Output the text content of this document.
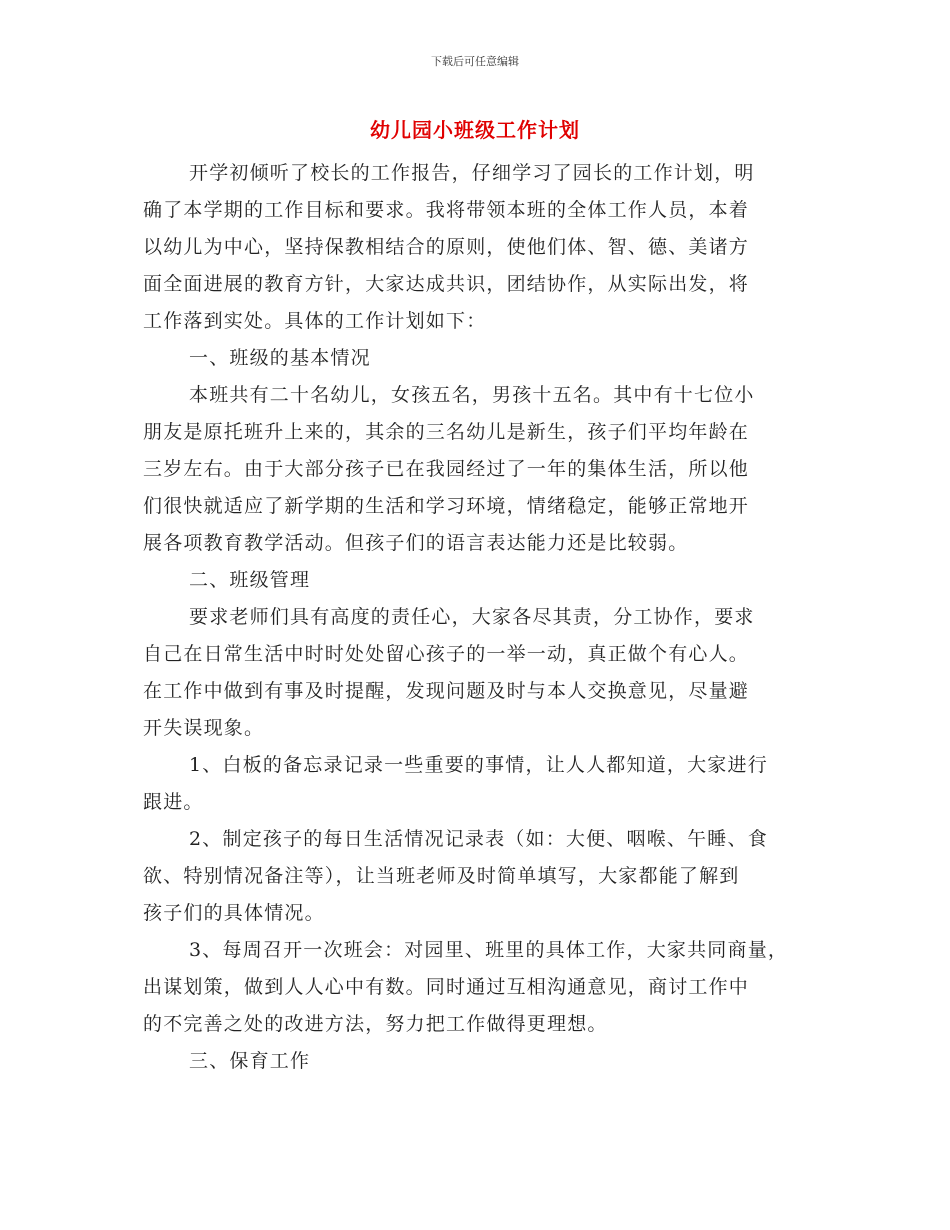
下载后可任意编辑
幼儿园小班级工作计划
开学初倾听了校长的工作报告，仔细学习了园长的工作计划，明
确了本学期的工作目标和要求。我将带领本班的全体工作人员，本着
以幼儿为中心，坚持保教相结合的原则，使他们体、智、德、美诸方
面全面进展的教育方针，大家达成共识，团结协作，从实际出发，将
工作落到实处。具体的工作计划如下：
一、班级的基本情况
本班共有二十名幼儿，女孩五名，男孩十五名。其中有十七位小
朋友是原托班升上来的，其余的三名幼儿是新生，孩子们平均年龄在
三岁左右。由于大部分孩子已在我园经过了一年的集体生活，所以他
们很快就适应了新学期的生活和学习环境，情绪稳定，能够正常地开
展各项教育教学活动。但孩子们的语言表达能力还是比较弱。
二、班级管理
要求老师们具有高度的责任心，大家各尽其责，分工协作，要求
自己在日常生活中时时处处留心孩子的一举一动，真正做个有心人。
在工作中做到有事及时提醒，发现问题及时与本人交换意见，尽量避
开失误现象。
1、白板的备忘录记录一些重要的事情，让人人都知道，大家进行
跟进。
2、制定孩子的每日生活情况记录表（如：大便、咽喉、午睡、食
欲、特别情况备注等），让当班老师及时简单填写，大家都能了解到
孩子们的具体情况。
3、每周召开一次班会：对园里、班里的具体工作，大家共同商量，
出谋划策，做到人人心中有数。同时通过互相沟通意见，商讨工作中
的不完善之处的改进方法，努力把工作做得更理想。
三、保育工作
